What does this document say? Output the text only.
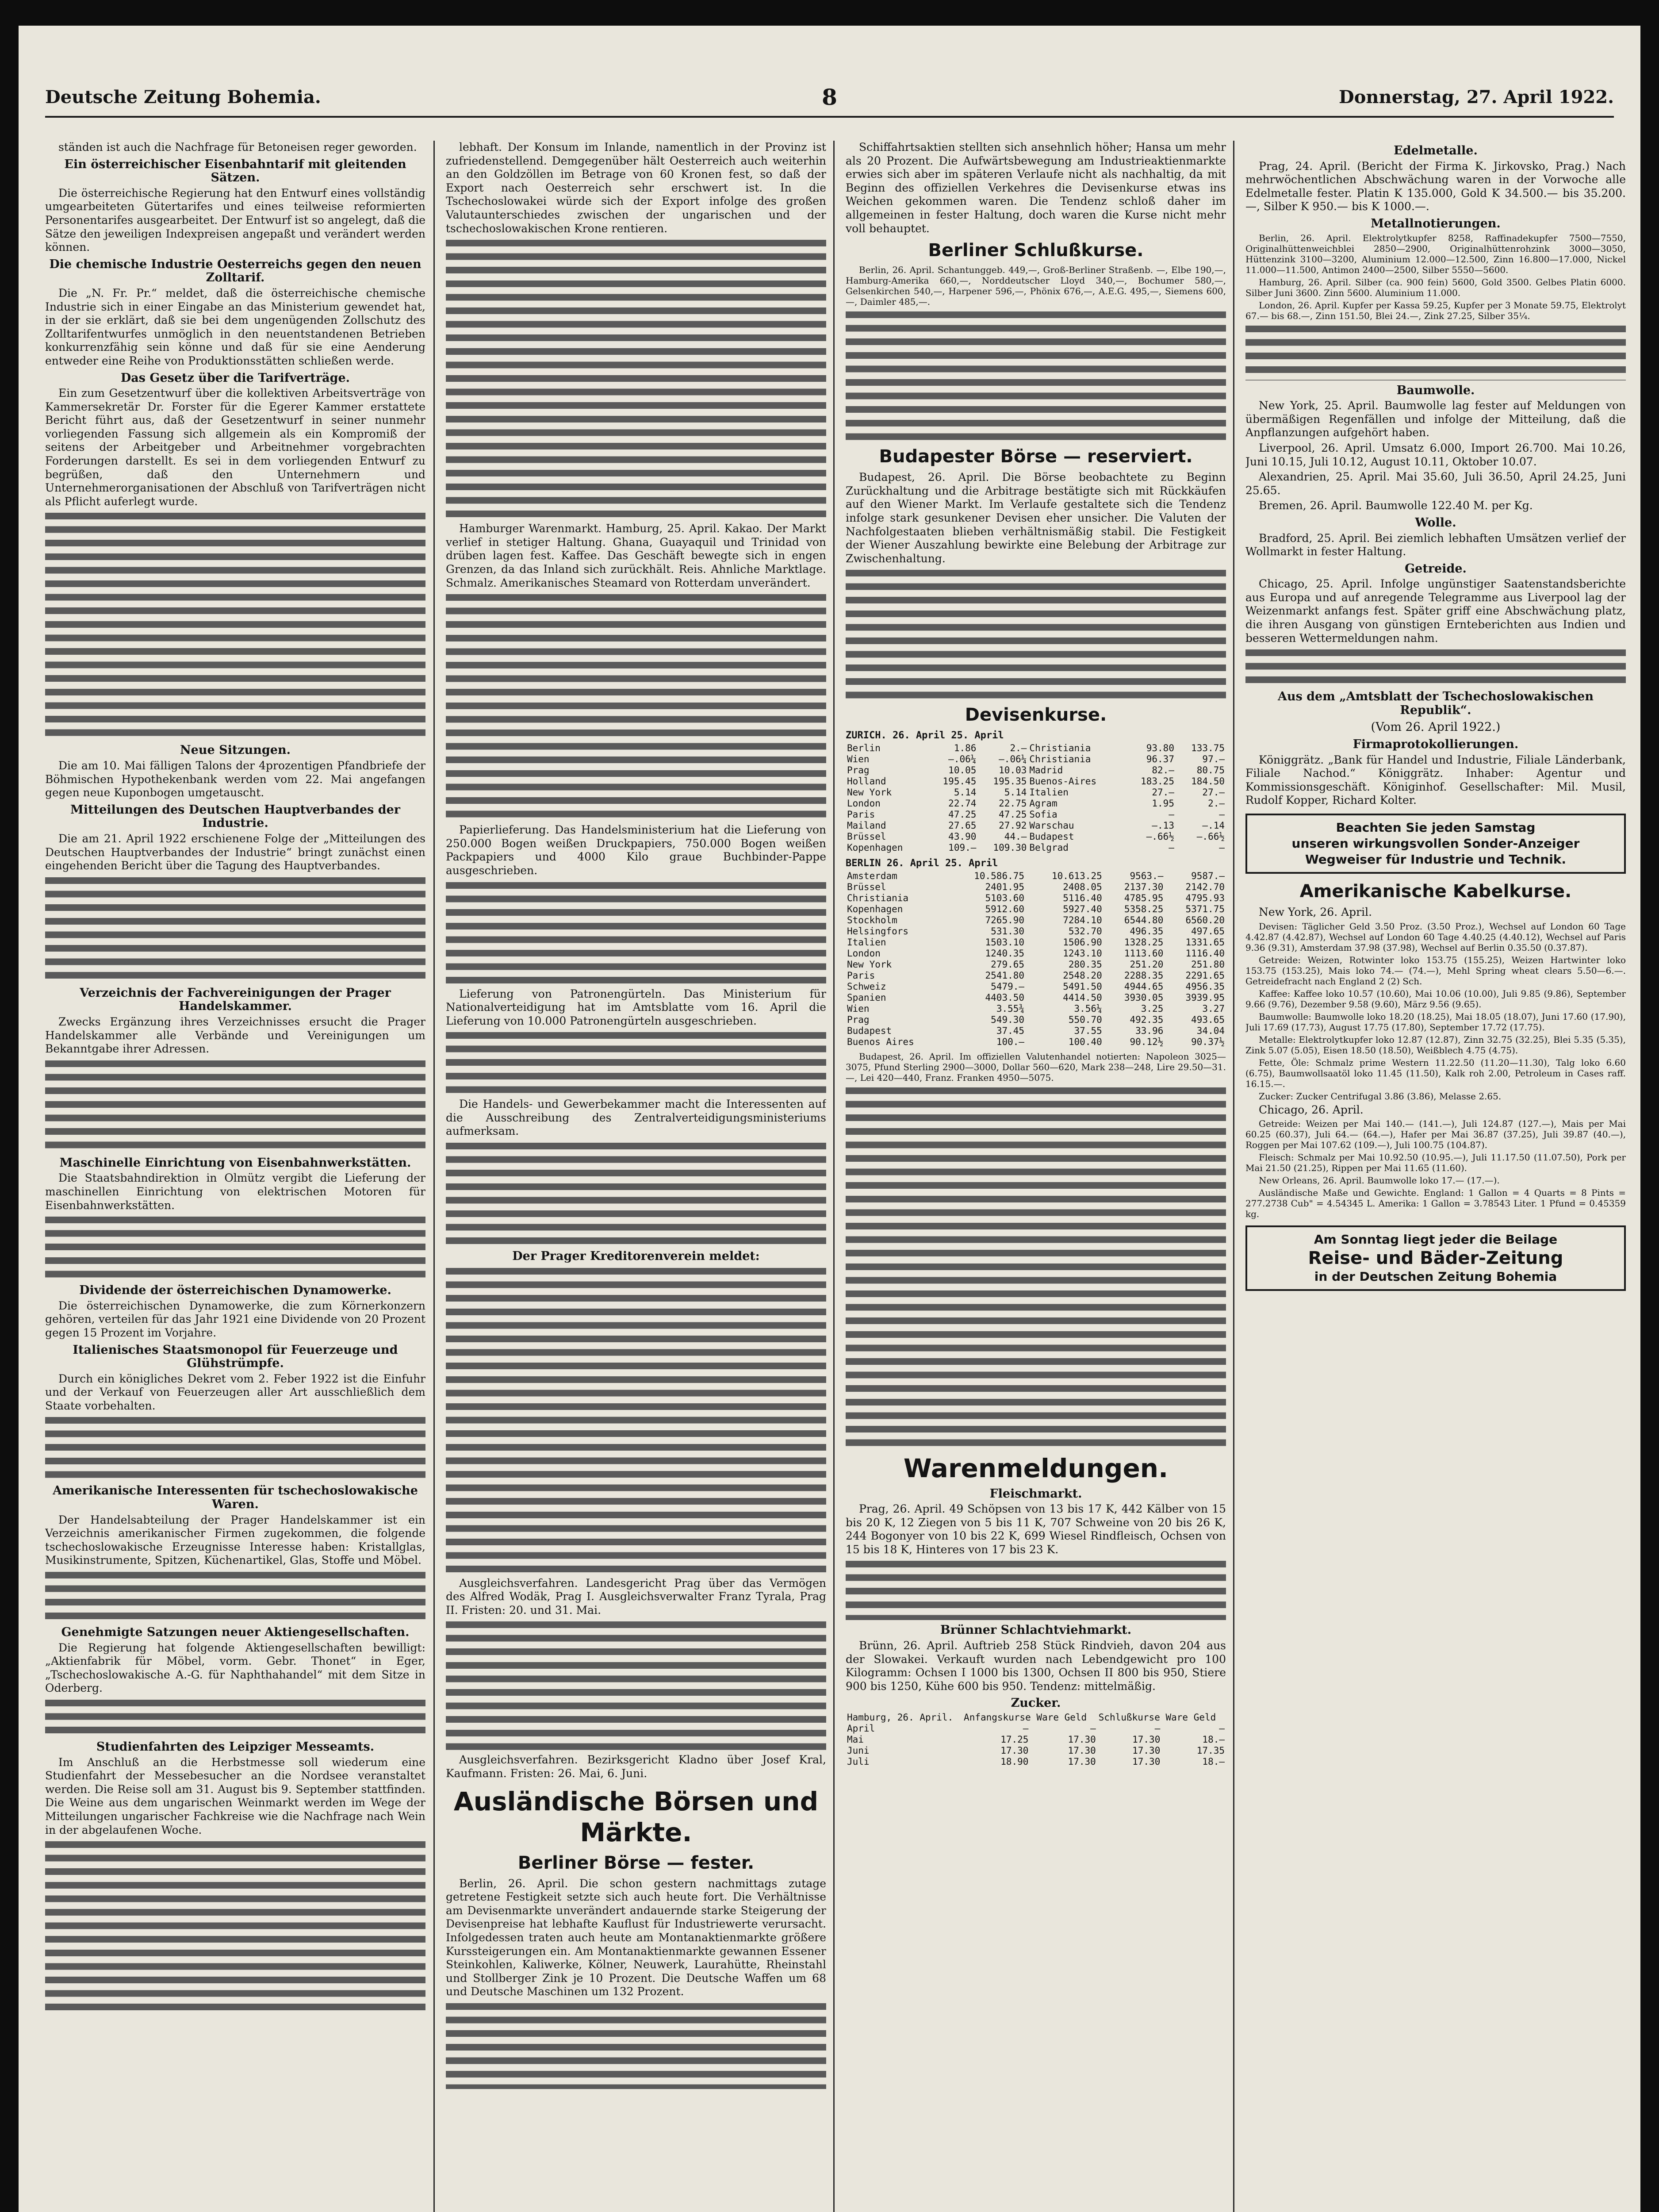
Deutsche Zeitung Bohemia.	8	Donnerstag, 27. April 1922.

ständen ist auch die Nachfrage für Betoneisen reger geworden.

Ein österreichischer Eisenbahntarif mit gleitenden Sätzen.

Die österreichische Regierung hat den Entwurf eines vollständig umgearbeiteten Gütertarifes und eines teilweise reformierten Personentarifes ausgearbeitet. Der Entwurf ist so angelegt, daß die Sätze den jeweiligen Indexpreisen angepaßt und verändert werden können.

Die chemische Industrie Oesterreichs gegen den neuen Zolltarif.

Die „N. Fr. Pr.“ meldet, daß die österreichische chemische Industrie sich in einer Eingabe an das Ministerium gewendet hat, in der sie erklärt, daß sie bei dem ungenügenden Zollschutz des Zolltarifentwurfes unmöglich in den neuentstandenen Betrieben konkurrenzfähig sein könne und daß für sie eine Aenderung entweder eine Reihe von Produktionsstätten schließen werde.

Das Gesetz über die Tarifverträge.

Ein zum Gesetzentwurf über die kollektiven Arbeitsverträge von Kammersekretär Dr. Forster für die Egerer Kammer erstattete Bericht führt aus, daß der Gesetzentwurf in seiner nunmehr vorliegenden Fassung sich allgemein als ein Kompromiß der seitens der Arbeitgeber und Arbeitnehmer vorgebrachten Forderungen darstellt. Es sei in dem vorliegenden Entwurf zu begrüßen, daß den Unternehmern und Unternehmerorganisationen der Abschluß von Tarifverträgen nicht als Pflicht auferlegt wurde.

Neue Sitzungen.

Die am 10. Mai fälligen Talons der 4prozentigen Pfandbriefe der Böhmischen Hypothekenbank werden vom 22. Mai angefangen gegen neue Kuponbogen umgetauscht.

Mitteilungen des Deutschen Hauptverbandes der Industrie.

Die am 21. April 1922 erschienene Folge der „Mitteilungen des Deutschen Hauptverbandes der Industrie“ bringt zunächst einen eingehenden Bericht über die Tagung des Hauptverbandes.

Verzeichnis der Fachvereinigungen der Prager Handelskammer.

Zwecks Ergänzung ihres Verzeichnisses ersucht die Prager Handelskammer alle Verbände und Vereinigungen um Bekanntgabe ihrer Adressen.

Maschinelle Einrichtung von Eisenbahnwerkstätten.

Die Staatsbahndirektion in Olmütz vergibt die Lieferung der maschinellen Einrichtung von elektrischen Motoren für Eisenbahnwerkstätten.

Dividende der österreichischen Dynamowerke.

Die österreichischen Dynamowerke, die zum Körnerkonzern gehören, verteilen für das Jahr 1921 eine Dividende von 20 Prozent gegen 15 Prozent im Vorjahre.

Italienisches Staatsmonopol für Feuerzeuge und Glühstrümpfe.

Durch ein königliches Dekret vom 2. Feber 1922 ist die Einfuhr und der Verkauf von Feuerzeugen aller Art ausschließlich dem Staate vorbehalten.

Amerikanische Interessenten für tschechoslowakische Waren.

Der Handelsabteilung der Prager Handelskammer ist ein Verzeichnis amerikanischer Firmen zugekommen, die folgende tschechoslowakische Erzeugnisse Interesse haben: Kristallglas, Musikinstrumente, Spitzen, Küchenartikel, Glas, Stoffe und Möbel.

Genehmigte Satzungen neuer Aktiengesellschaften.

Die Regierung hat folgende Aktiengesellschaften bewilligt: „Aktienfabrik für Möbel, vorm. Gebr. Thonet“ in Eger, „Tschechoslowakische A.-G. für Naphthahandel“ mit dem Sitze in Oderberg.

Studienfahrten des Leipziger Messeamts.

Im Anschluß an die Herbstmesse soll wiederum eine Studienfahrt der Messebesucher an die Nordsee veranstaltet werden. Die Reise soll am 31. August bis 9. September stattfinden. Die Weine aus dem ungarischen Weinmarkt werden im Wege der Mitteilungen ungarischer Fachkreise wie die Nachfrage nach Wein in der abgelaufenen Woche.

lebhaft. Der Konsum im Inlande, namentlich in der Provinz ist zufriedenstellend. Demgegenüber hält Oesterreich auch weiterhin an den Goldzöllen im Betrage von 60 Kronen fest, so daß der Export nach Oesterreich sehr erschwert ist. In die Tschechoslowakei würde sich der Export infolge des großen Valutaunterschiedes zwischen der ungarischen und der tschechoslowakischen Krone rentieren.

Hamburger Warenmarkt. Hamburg, 25. April. Kakao. Der Markt verlief in stetiger Haltung. Ghana, Guayaquil und Trinidad von drüben lagen fest. Kaffee. Das Geschäft bewegte sich in engen Grenzen, da das Inland sich zurückhält. Reis. Ahnliche Marktlage. Schmalz. Amerikanisches Steamard von Rotterdam unverändert.

Papierlieferung. Das Handelsministerium hat die Lieferung von 250.000 Bogen weißen Druckpapiers, 750.000 Bogen weißen Packpapiers und 4000 Kilo graue Buchbinder-Pappe ausgeschrieben.

Lieferung von Patronengürteln. Das Ministerium für Nationalverteidigung hat im Amtsblatte vom 16. April die Lieferung von 10.000 Patronengürteln ausgeschrieben.

Die Handels- und Gewerbekammer macht die Interessenten auf die Ausschreibung des Zentralverteidigungsministeriums aufmerksam.

Der Prager Kreditorenverein meldet:

Ausgleichsverfahren. Landesgericht Prag über das Vermögen des Alfred Wodäk, Prag I. Ausgleichsverwalter Franz Tyrala, Prag II. Fristen: 20. und 31. Mai.

Ausgleichsverfahren. Bezirksgericht Kladno über Josef Kral, Kaufmann. Fristen: 26. Mai, 6. Juni.

Ausländische Börsen und Märkte.
Berliner Börse — fester.

Berlin, 26. April. Die schon gestern nachmittags zutage getretene Festigkeit setzte sich auch heute fort. Die Verhältnisse am Devisenmarkte unverändert andauernde starke Steigerung der Devisenpreise hat lebhafte Kauflust für Industriewerte verursacht. Infolgedessen traten auch heute am Montanaktienmarkte größere Kurssteigerungen ein. Am Montanaktienmarkte gewannen Essener Steinkohlen, Kaliwerke, Kölner, Neuwerk, Laurahütte, Rheinstahl und Stollberger Zink je 10 Prozent. Die Deutsche Waffen um 68 und Deutsche Maschinen um 132 Prozent.

Schiffahrtsaktien stellten sich ansehnlich höher; Hansa um mehr als 20 Prozent. Die Aufwärtsbewegung am Industrieaktienmarkte erwies sich aber im späteren Verlaufe nicht als nachhaltig, da mit Beginn des offiziellen Verkehres die Devisenkurse etwas ins Weichen gekommen waren. Die Tendenz schloß daher im allgemeinen in fester Haltung, doch waren die Kurse nicht mehr voll behauptet.

Berliner Schlußkurse.

Berlin, 26. April. Schantunggeb. 449,—, Groß-Berliner Straßenb. —, Elbe 190,—, Hamburg-Amerika 660,—, Norddeutscher Lloyd 340,—, Bochumer 580,—, Gelsenkirchen 540,—, Harpener 596,—, Phönix 676,—, A.E.G. 495,—, Siemens 600,—, Daimler 485,—.

Budapester Börse — reserviert.

Budapest, 26. April. Die Börse beobachtete zu Beginn Zurückhaltung und die Arbitrage bestätigte sich mit Rückkäufen auf den Wiener Markt. Im Verlaufe gestaltete sich die Tendenz infolge stark gesunkener Devisen eher unsicher. Die Valuten der Nachfolgestaaten blieben verhältnismäßig stabil. Die Festigkeit der Wiener Auszahlung bewirkte eine Belebung der Arbitrage zur Zwischenhaltung.

Devisenkurse.
ZURICH. 26. April 25. April
Berlin	1.86	2.—	Christiania	93.80	133.75
Wien	—.06¼	—.06¼	Christiania	96.37	97.—
Prag	10.05	10.03	Madrid	82.—	80.75
Holland	195.45	195.35	Buenos-Aires	183.25	184.50
New York	5.14	5.14	Italien	27.—	27.—
London	22.74	22.75	Agram	1.95	2.—
Paris	47.25	47.25	Sofia	—	—
Mailand	27.65	27.92	Warschau	—.13	—.14
Brüssel	43.90	44.—	Budapest	—.66½	—.66½
Kopenhagen	109.—	109.30	Belgrad	—	—
BERLIN 26. April 25. April
Amsterdam	10.586.75	10.613.25	9563.—	9587.—
Brüssel	2401.95	2408.05	2137.30	2142.70
Christiania	5103.60	5116.40	4785.95	4795.93
Kopenhagen	5912.60	5927.40	5358.25	5371.75
Stockholm	7265.90	7284.10	6544.80	6560.20
Helsingfors	531.30	532.70	496.35	497.65
Italien	1503.10	1506.90	1328.25	1331.65
London	1240.35	1243.10	1113.60	1116.40
New York	279.65	280.35	251.20	251.80
Paris	2541.80	2548.20	2288.35	2291.65
Schweiz	5479.—	5491.50	4944.65	4956.35
Spanien	4403.50	4414.50	3930.05	3939.95
Wien	3.55¾	3.56¼	3.25	3.27
Prag	549.30	550.70	492.35	493.65
Budapest	37.45	37.55	33.96	34.04
Buenos Aires	100.—	100.40	90.12½	90.37½

Budapest, 26. April. Im offiziellen Valutenhandel notierten: Napoleon 3025—3075, Pfund Sterling 2900—3000, Dollar 560—620, Mark 238—248, Lire 29.50—31.—, Lei 420—440, Franz. Franken 4950—5075.

Warenmeldungen.
Fleischmarkt.

Prag, 26. April. 49 Schöpsen von 13 bis 17 K, 442 Kälber von 15 bis 20 K, 12 Ziegen von 5 bis 11 K, 707 Schweine von 20 bis 26 K, 244 Bogonyer von 10 bis 22 K, 699 Wiesel Rindfleisch, Ochsen von 15 bis 18 K, Hinteres von 17 bis 23 K.

Brünner Schlachtviehmarkt.

Brünn, 26. April. Auftrieb 258 Stück Rindvieh, davon 204 aus der Slowakei. Verkauft wurden nach Lebendgewicht pro 100 Kilogramm: Ochsen I 1000 bis 1300, Ochsen II 800 bis 950, Stiere 900 bis 1250, Kühe 600 bis 950. Tendenz: mittelmäßig.

Zucker.
Hamburg, 26. April.	Anfangskurse Ware Geld		Schlußkurse Ware Geld	
April	—	—	—	—
Mai	17.25	17.30	17.30	18.—
Juni	17.30	17.30	17.30	17.35
Juli	18.90	17.30	17.30	18.—
Edelmetalle.

Prag, 24. April. (Bericht der Firma K. Jirkovsko, Prag.) Nach mehrwöchentlichen Abschwächung waren in der Vorwoche alle Edelmetalle fester. Platin K 135.000, Gold K 34.500.— bis 35.200.—, Silber K 950.— bis K 1000.—.

Metallnotierungen.

Berlin, 26. April. Elektrolytkupfer 8258, Raffinadekupfer 7500—7550, Originalhüttenweichblei 2850—2900, Originalhüttenrohzink 3000—3050, Hüttenzink 3100—3200, Aluminium 12.000—12.500, Zinn 16.800—17.000, Nickel 11.000—11.500, Antimon 2400—2500, Silber 5550—5600.

Hamburg, 26. April. Silber (ca. 900 fein) 5600, Gold 3500. Gelbes Platin 6000. Silber Juni 3600. Zinn 5600. Aluminium 11.000.

London, 26. April. Kupfer per Kassa 59.25, Kupfer per 3 Monate 59.75, Elektrolyt 67.— bis 68.—, Zinn 151.50, Blei 24.—, Zink 27.25, Silber 35¼.

Baumwolle.

New York, 25. April. Baumwolle lag fester auf Meldungen von übermäßigen Regenfällen und infolge der Mitteilung, daß die Anpflanzungen aufgehört haben.

Liverpool, 26. April. Umsatz 6.000, Import 26.700. Mai 10.26, Juni 10.15, Juli 10.12, August 10.11, Oktober 10.07.

Alexandrien, 25. April. Mai 35.60, Juli 36.50, April 24.25, Juni 25.65.

Bremen, 26. April. Baumwolle 122.40 M. per Kg.

Wolle.

Bradford, 25. April. Bei ziemlich lebhaften Umsätzen verlief der Wollmarkt in fester Haltung.

Getreide.

Chicago, 25. April. Infolge ungünstiger Saatenstandsberichte aus Europa und auf anregende Telegramme aus Liverpool lag der Weizenmarkt anfangs fest. Später griff eine Abschwächung platz, die ihren Ausgang von günstigen Ernteberichten aus Indien und besseren Wettermeldungen nahm.

Aus dem „Amtsblatt der Tschechoslowakischen Republik“.
(Vom 26. April 1922.)
Firmaprotokollierungen.

Königgrätz. „Bank für Handel und Industrie, Filiale Länderbank, Filiale Nachod.“ Königgrätz. Inhaber: Agentur und Kommissionsgeschäft. Königinhof. Gesellschafter: Mil. Musil, Rudolf Kopper, Richard Kolter.

Beachten Sie jeden Samstag
unseren wirkungsvollen Sonder-Anzeiger
Wegweiser für Industrie und Technik.
Amerikanische Kabelkurse.

New York, 26. April.

Devisen: Täglicher Geld 3.50 Proz. (3.50 Proz.), Wechsel auf London 60 Tage 4.42.87 (4.42.87), Wechsel auf London 60 Tage 4.40.25 (4.40.12), Wechsel auf Paris 9.36 (9.31), Amsterdam 37.98 (37.98), Wechsel auf Berlin 0.35.50 (0.37.87).

Getreide: Weizen, Rotwinter loko 153.75 (155.25), Weizen Hartwinter loko 153.75 (153.25), Mais loko 74.— (74.—), Mehl Spring wheat clears 5.50—6.—. Getreidefracht nach England 2 (2) Sch.

Kaffee: Kaffee loko 10.57 (10.60), Mai 10.06 (10.00), Juli 9.85 (9.86), September 9.66 (9.76), Dezember 9.58 (9.60), März 9.56 (9.65).

Baumwolle: Baumwolle loko 18.20 (18.25), Mai 18.05 (18.07), Juni 17.60 (17.90), Juli 17.69 (17.73), August 17.75 (17.80), September 17.72 (17.75).

Metalle: Elektrolytkupfer loko 12.87 (12.87), Zinn 32.75 (32.25), Blei 5.35 (5.35), Zink 5.07 (5.05), Eisen 18.50 (18.50), Weißblech 4.75 (4.75).

Fette, Öle: Schmalz prime Western 11.22.50 (11.20—11.30), Talg loko 6.60 (6.75), Baumwollsaatöl loko 11.45 (11.50), Kalk roh 2.00, Petroleum in Cases raff. 16.15.—.

Zucker: Zucker Centrifugal 3.86 (3.86), Melasse 2.65.

Chicago, 26. April.

Getreide: Weizen per Mai 140.— (141.—), Juli 124.87 (127.—), Mais per Mai 60.25 (60.37), Juli 64.— (64.—), Hafer per Mai 36.87 (37.25), Juli 39.87 (40.—), Roggen per Mai 107.62 (109.—), Juli 100.75 (104.87).

Fleisch: Schmalz per Mai 10.92.50 (10.95.—), Juli 11.17.50 (11.07.50), Pork per Mai 21.50 (21.25), Rippen per Mai 11.65 (11.60).

New Orleans, 26. April. Baumwolle loko 17.— (17.—).

Ausländische Maße und Gewichte. England: 1 Gallon = 4 Quarts = 8 Pints = 277.2738 Cub" = 4.54345 L. Amerika: 1 Gallon = 3.78543 Liter. 1 Pfund = 0.45359 kg.

Am Sonntag liegt jeder die Beilage
Reise- und Bäder-Zeitung
in der Deutschen Zeitung Bohemia
